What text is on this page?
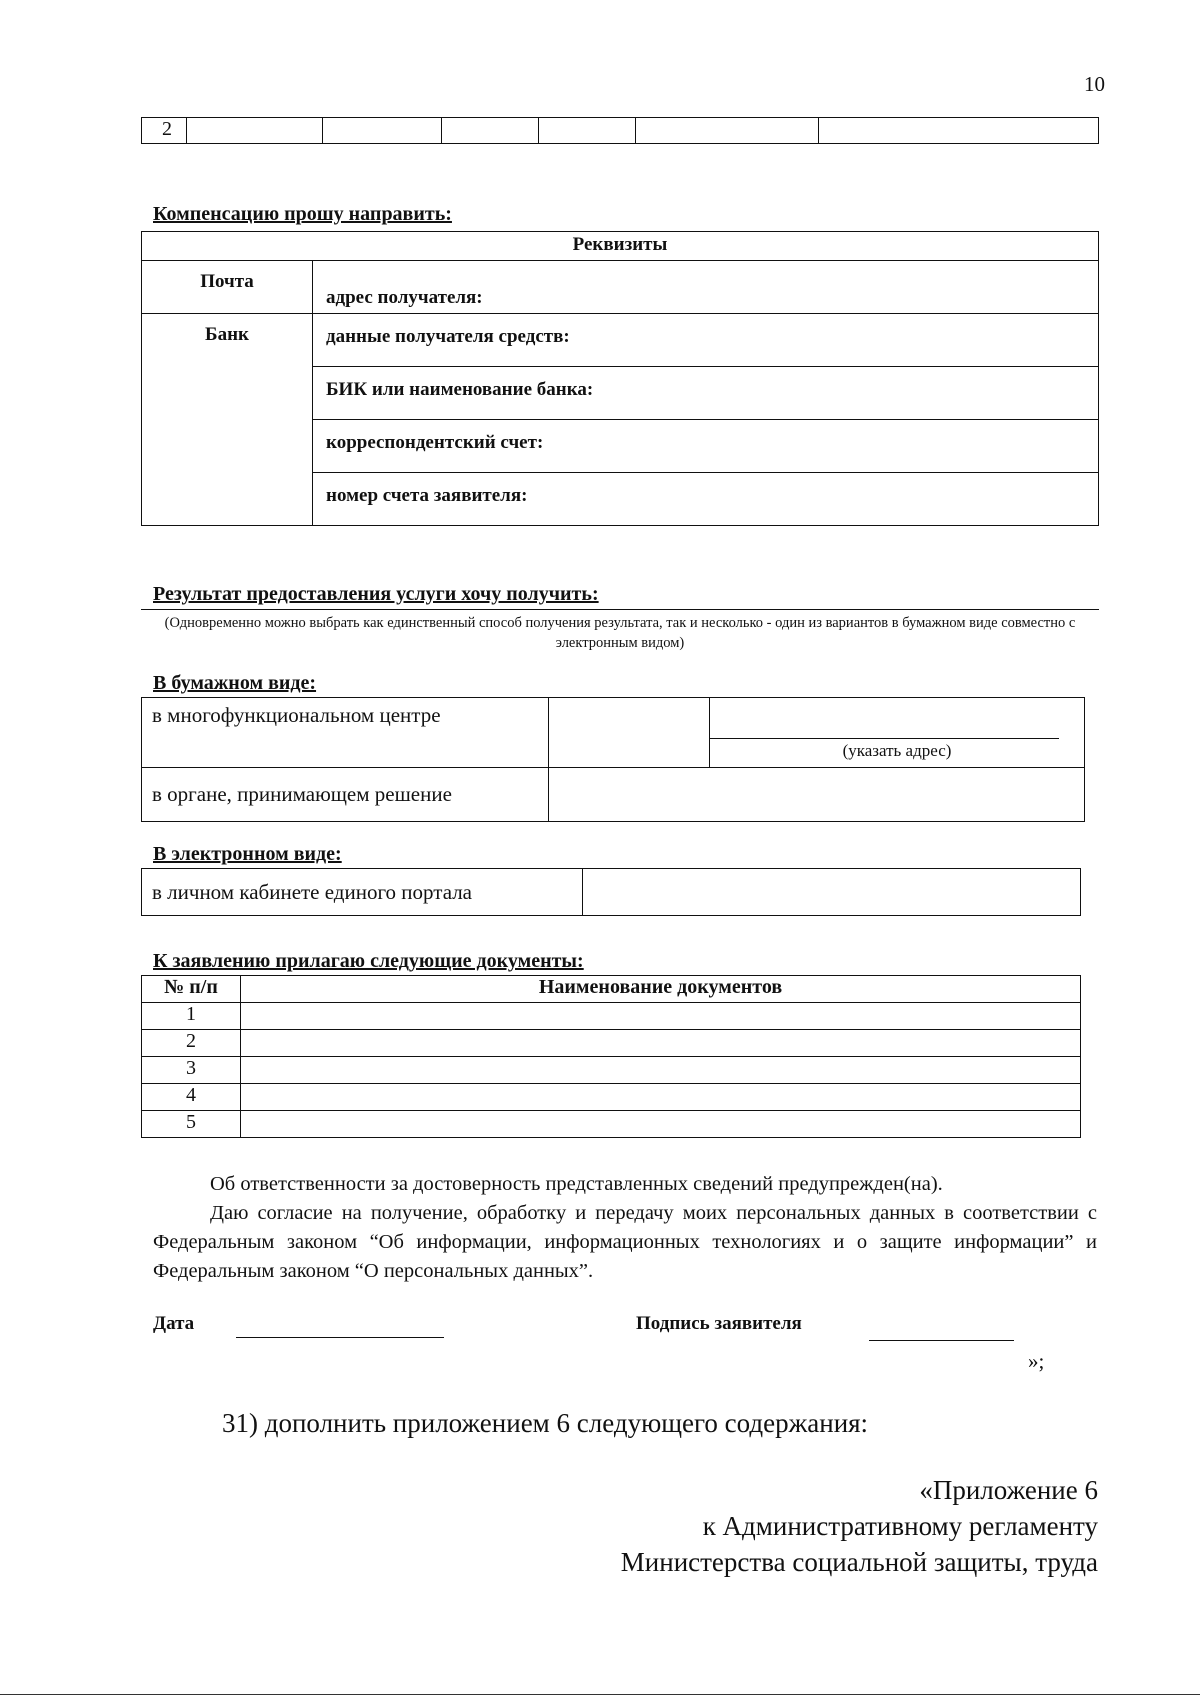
10
2						
Компенсацию прошу направить:
Реквизиты	
Почта	адрес получателя:

Банк	данные получателя средств:

	БИК или наименование банка:

	корреспондентский счет:

	номер счета заявителя:
Результат предоставления услуги хочу получить:
(Одновременно можно выбрать как единственный способ получения результата, так и несколько - один из вариантов в бумажном виде совместно с электронным видом)
В бумажном виде:
в многофункциональном центре		(указать адрес)

в органе, принимающем решение		
В электронном виде:
в личном кабинете единого портала	
К заявлению прилагаю следующие документы:
№ п/п	Наименование документов
1	
2	
3	
4	
5	

Об ответственности за достоверность представленных сведений предупрежден(на).

Даю согласие на получение, обработку и передачу моих персональных данных в соответствии с Федеральным законом “Об информации, информационных технологиях и о защите информации” и Федеральным законом “О персональных данных”.

Дата	Подпись заявителя
»;
31) дополнить приложением 6 следующего содержания:
«Приложение 6
к Административному регламенту
Министерства социальной защиты, труда
